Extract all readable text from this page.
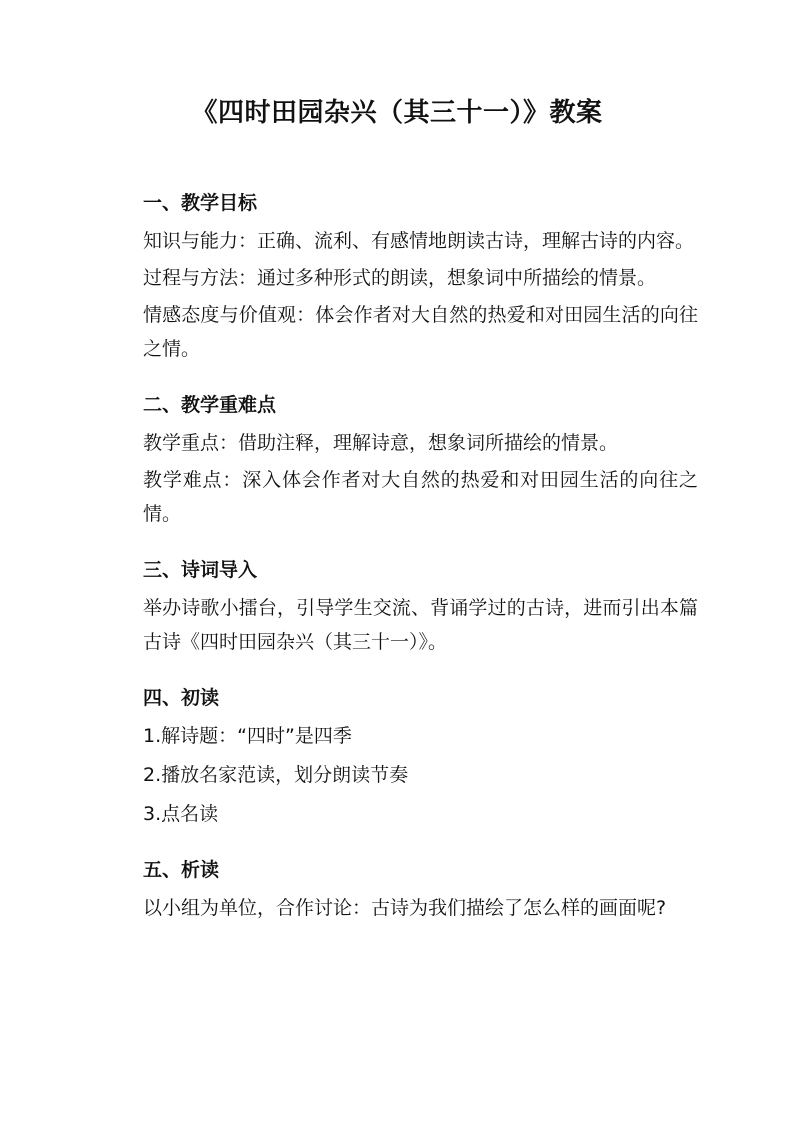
《四时田园杂兴（其三十一）》教案
一、教学目标
知识与能力：正确、流利、有感情地朗读古诗，理解古诗的内容。
过程与方法：通过多种形式的朗读，想象词中所描绘的情景。
情感态度与价值观：体会作者对大自然的热爱和对田园生活的向往之情。
二、教学重难点
教学重点：借助注释，理解诗意，想象词所描绘的情景。
教学难点：深入体会作者对大自然的热爱和对田园生活的向往之情。
三、诗词导入
举办诗歌小擂台，引导学生交流、背诵学过的古诗，进而引出本篇古诗《四时田园杂兴（其三十一）》。
四、初读
1.解诗题：“四时”是四季
2.播放名家范读，划分朗读节奏
3.点名读
五、析读
以小组为单位，合作讨论：古诗为我们描绘了怎么样的画面呢?
